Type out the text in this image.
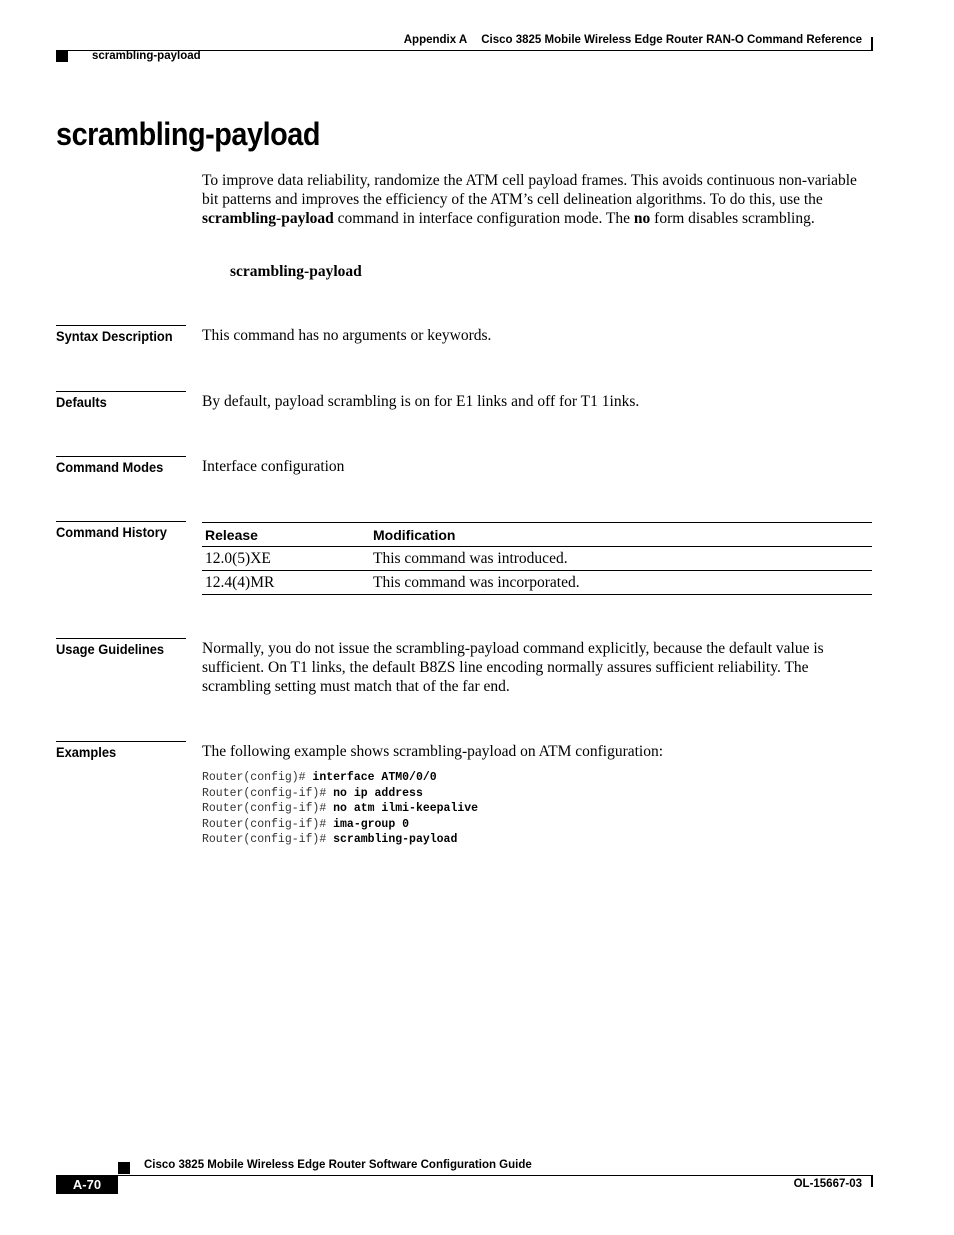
Appendix A Cisco 3825 Mobile Wireless Edge Router RAN-O Command Reference
scrambling-payload
scrambling-payload
To improve data reliability, randomize the ATM cell payload frames. This avoids continuous non-variable bit patterns and improves the efficiency of the ATM’s cell delineation algorithms. To do this, use the scrambling-payload command in interface configuration mode. The no form disables scrambling.
scrambling-payload
Syntax Description	This command has no arguments or keywords.
Defaults	By default, payload scrambling is on for E1 links and off for T1 1inks.
Command Modes	Interface configuration
Command History	Release	Modification
12.0(5)XE	This command was introduced.
12.4(4)MR	This command was incorporated.
Usage Guidelines	Normally, you do not issue the scrambling-payload command explicitly, because the default value is sufficient. On T1 links, the default B8ZS line encoding normally assures sufficient reliability. The scrambling setting must match that of the far end.
Examples	The following example shows scrambling-payload on ATM configuration:
Router(config)# interface ATM0/0/0
Router(config-if)# no ip address
Router(config-if)# no atm ilmi-keepalive
Router(config-if)# ima-group 0
Router(config-if)# scrambling-payload
Cisco 3825 Mobile Wireless Edge Router Software Configuration Guide
A-70	OL-15667-03
